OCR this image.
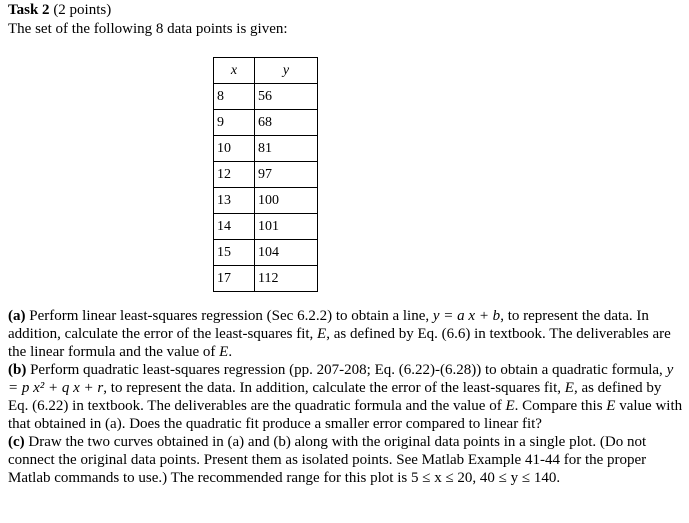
Task 2 (2 points)
The set of the following 8 data points is given:
x	y
8	56
9	68
10	81
12	97
13	100
14	101
15	104
17	112

(a) Perform linear least-squares regression (Sec 6.2.2) to obtain a line, y = a x + b, to represent the data. In addition, calculate the error of the least-squares fit, E, as defined by Eq. (6.6) in textbook. The deliverables are the linear formula and the value of E.

(b) Perform quadratic least-squares regression (pp. 207-208; Eq. (6.22)-(6.28)) to obtain a quadratic formula, y = p x² + q x + r, to represent the data. In addition, calculate the error of the least-squares fit, E, as defined by Eq. (6.22) in textbook. The deliverables are the quadratic formula and the value of E. Compare this E value with that obtained in (a). Does the quadratic fit produce a smaller error compared to linear fit?

(c) Draw the two curves obtained in (a) and (b) along with the original data points in a single plot. (Do not connect the original data points. Present them as isolated points. See Matlab Example 41-44 for the proper Matlab commands to use.) The recommended range for this plot is 5 ≤ x ≤ 20, 40 ≤ y ≤ 140.
